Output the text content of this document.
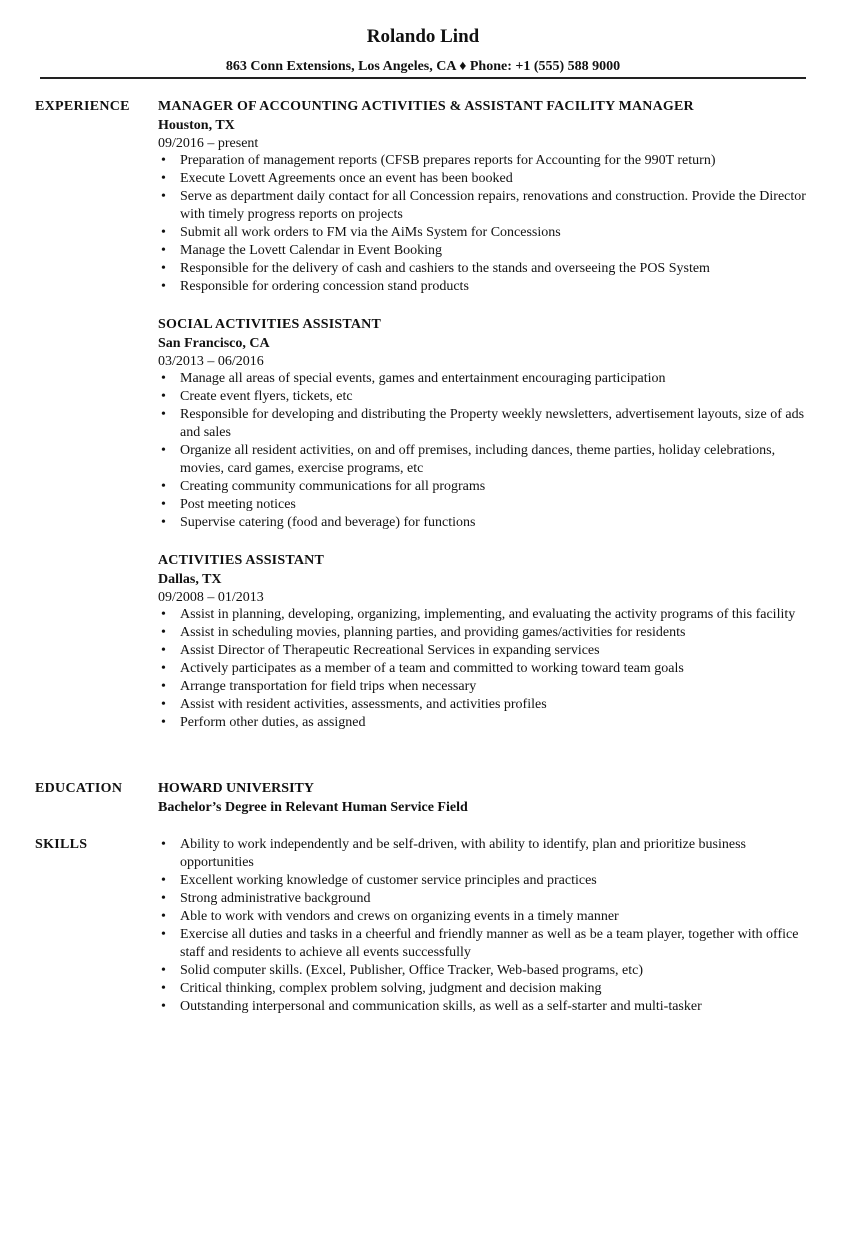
Rolando Lind
863 Conn Extensions, Los Angeles, CA ♦ Phone: +1 (555) 588 9000
EXPERIENCE MANAGER OF ACCOUNTING ACTIVITIES & ASSISTANT FACILITY MANAGER
Houston, TX
09/2016 – present
• Preparation of management reports (CFSB prepares reports for Accounting for the 990T return)
• Execute Lovett Agreements once an event has been booked
• Serve as department daily contact for all Concession repairs, renovations and construction. Provide the Director with timely progress reports on projects
• Submit all work orders to FM via the AiMs System for Concessions
• Manage the Lovett Calendar in Event Booking
• Responsible for the delivery of cash and cashiers to the stands and overseeing the POS System
• Responsible for ordering concession stand products
SOCIAL ACTIVITIES ASSISTANT
San Francisco, CA
03/2013 – 06/2016
• Manage all areas of special events, games and entertainment encouraging participation
• Create event flyers, tickets, etc
• Responsible for developing and distributing the Property weekly newsletters, advertisement layouts, size of ads and sales
• Organize all resident activities, on and off premises, including dances, theme parties, holiday celebrations, movies, card games, exercise programs, etc
• Creating community communications for all programs
• Post meeting notices
• Supervise catering (food and beverage) for functions
ACTIVITIES ASSISTANT
Dallas, TX
09/2008 – 01/2013
• Assist in planning, developing, organizing, implementing, and evaluating the activity programs of this facility
• Assist in scheduling movies, planning parties, and providing games/activities for residents
• Assist Director of Therapeutic Recreational Services in expanding services
• Actively participates as a member of a team and committed to working toward team goals
• Arrange transportation for field trips when necessary
• Assist with resident activities, assessments, and activities profiles
• Perform other duties, as assigned
EDUCATION	HOWARD UNIVERSITY
Bachelor’s Degree in Relevant Human Service Field
SKILLS
•	Ability to work independently and be self-driven, with ability to identify, plan and prioritize business opportunities
• Excellent working knowledge of customer service principles and practices
• Strong administrative background
• Able to work with vendors and crews on organizing events in a timely manner
• Exercise all duties and tasks in a cheerful and friendly manner as well as be a team player, together with office staff and residents to achieve all events successfully
• Solid computer skills. (Excel, Publisher, Office Tracker, Web-based programs, etc)
• Critical thinking, complex problem solving, judgment and decision making
• Outstanding interpersonal and communication skills, as well as a self-starter and multi-tasker
